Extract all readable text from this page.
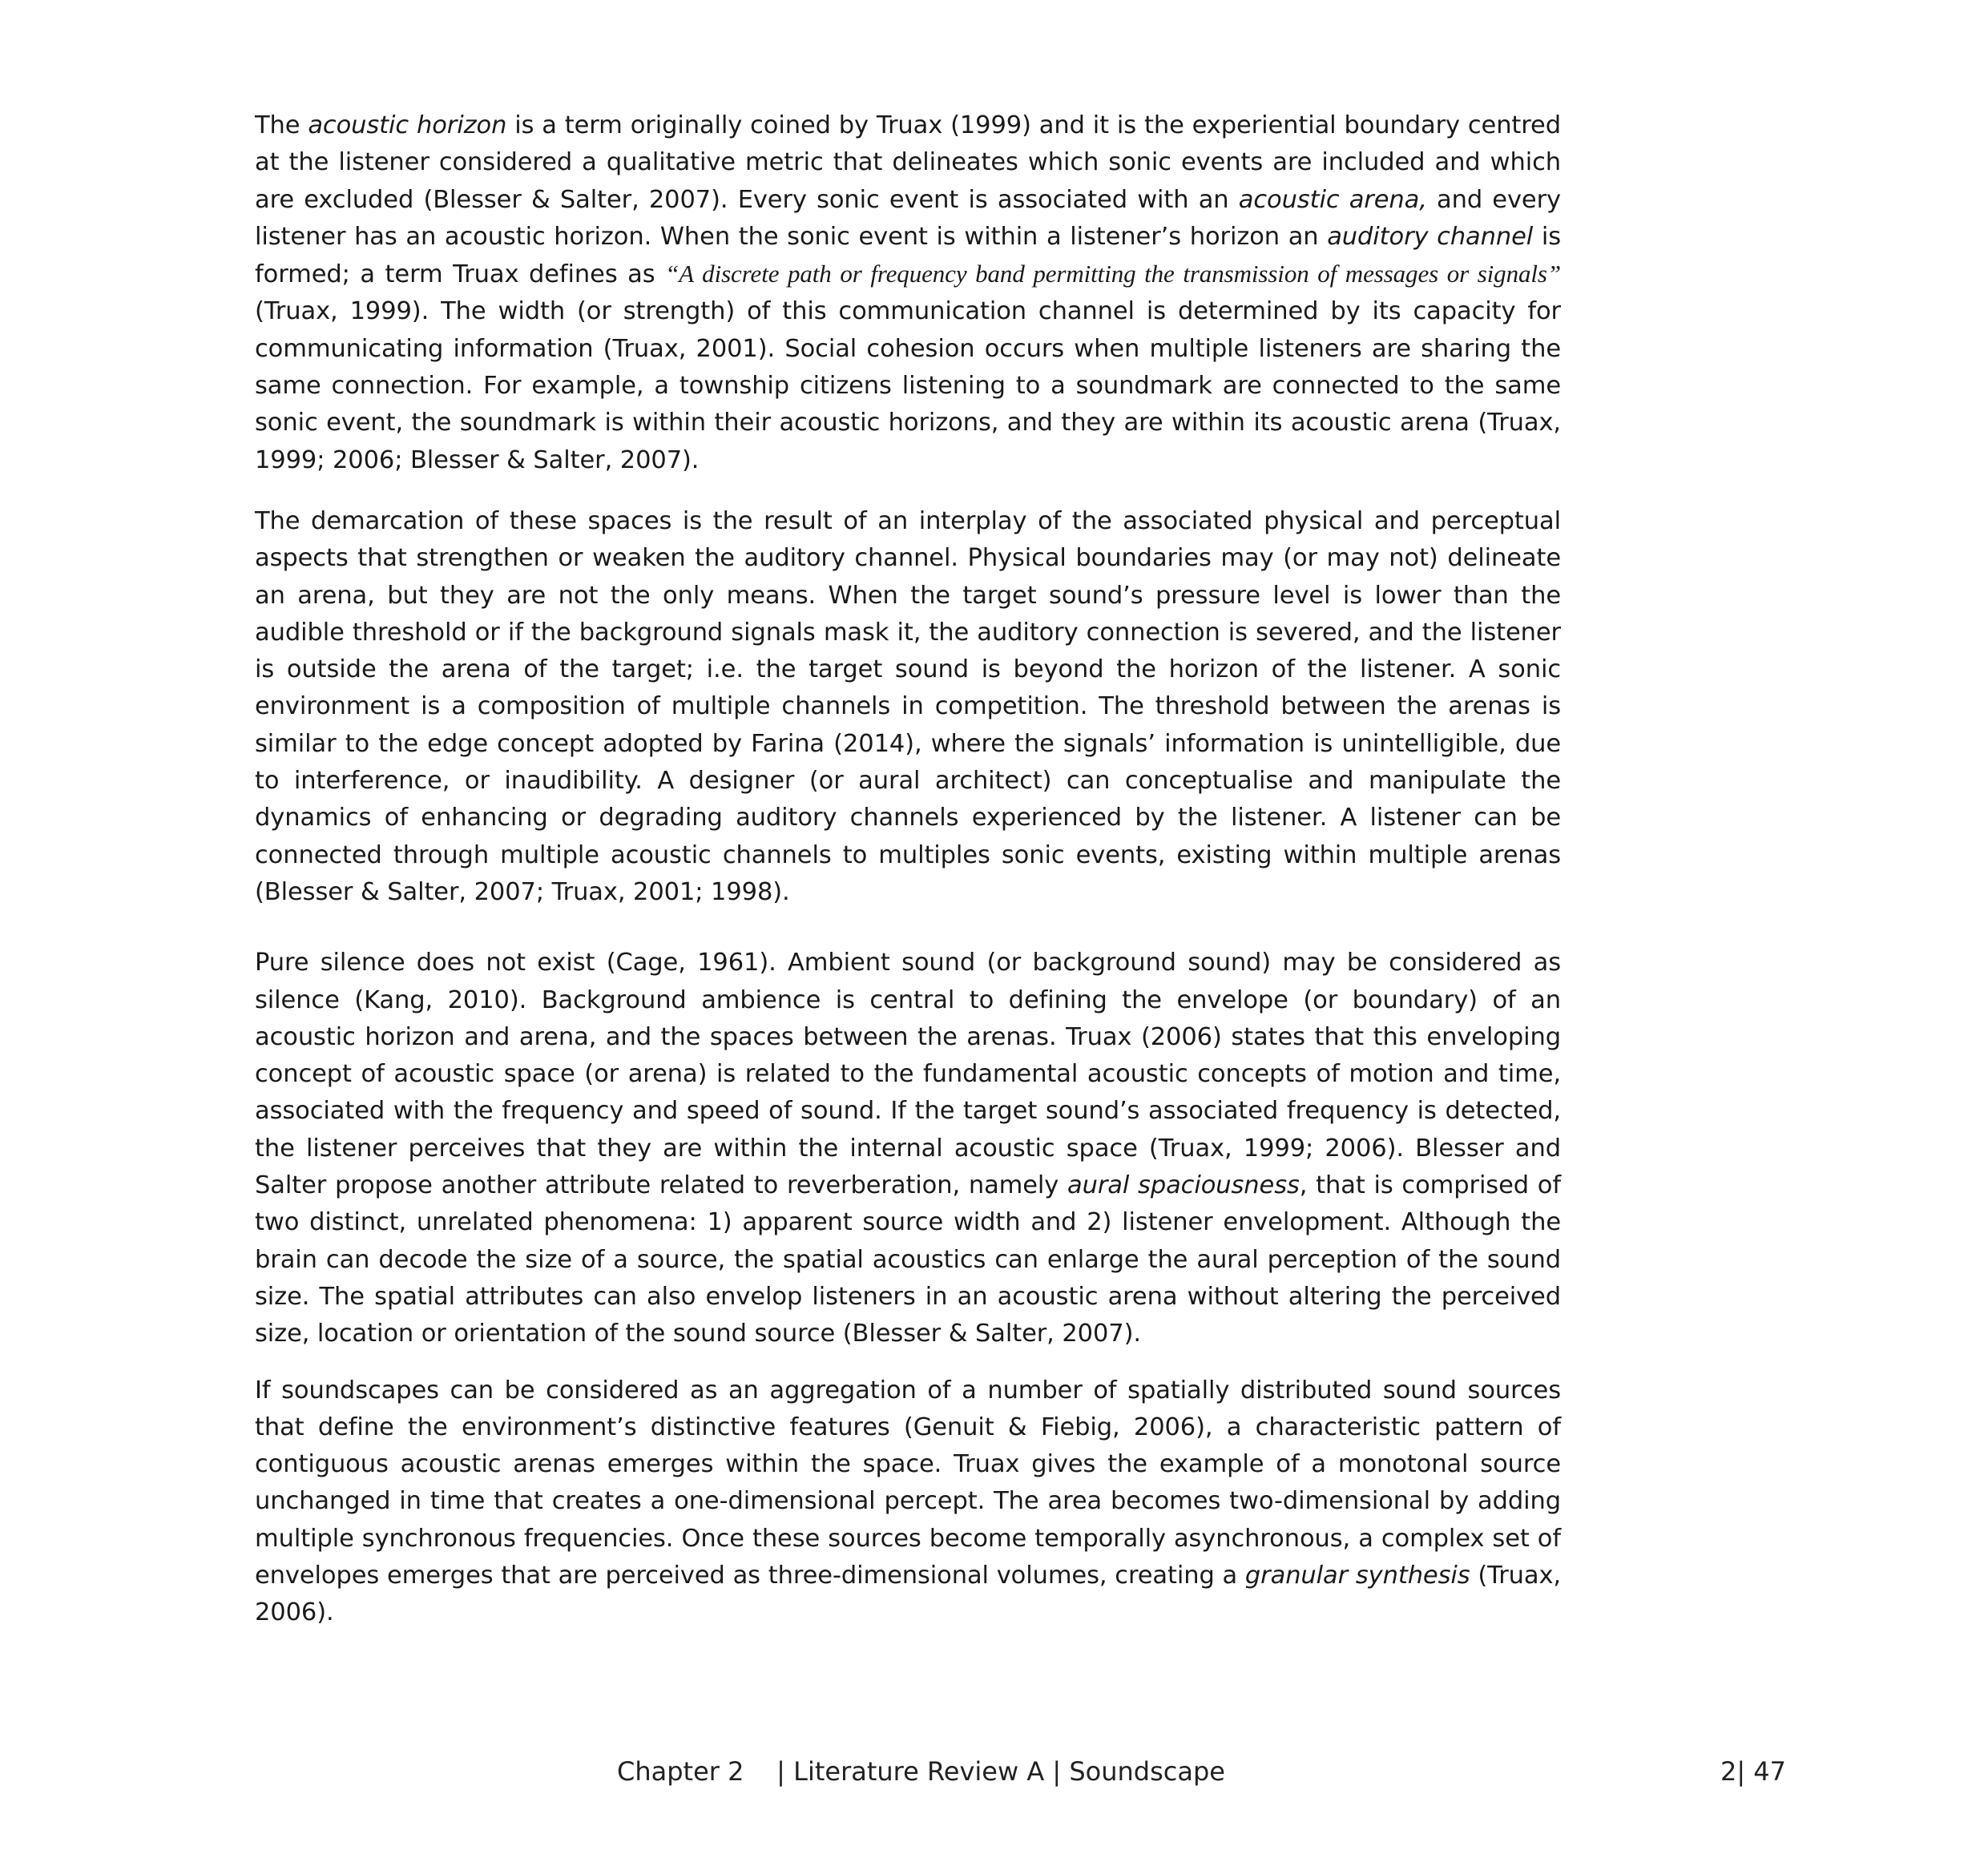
The acoustic horizon is a term originally coined by Truax (1999) and it is the experiential boundary centred at the listener considered a qualitative metric that delineates which sonic events are included and which are excluded (Blesser & Salter, 2007). Every sonic event is associated with an acoustic arena, and every listener has an acoustic horizon. When the sonic event is within a listener’s horizon an auditory channel is formed; a term Truax defines as “A discrete path or frequency band permitting the transmission of messages or signals” (Truax, 1999). The width (or strength) of this communication channel is determined by its capacity for communicating information (Truax, 2001). Social cohesion occurs when multiple listeners are sharing the same connection. For example, a township citizens listening to a soundmark are connected to the same sonic event, the soundmark is within their acoustic horizons, and they are within its acoustic arena (Truax, 1999; 2006; Blesser & Salter, 2007).

The demarcation of these spaces is the result of an interplay of the associated physical and perceptual aspects that strengthen or weaken the auditory channel. Physical boundaries may (or may not) delineate an arena, but they are not the only means. When the target sound’s pressure level is lower than the audible threshold or if the background signals mask it, the auditory connection is severed, and the listener is outside the arena of the target; i.e. the target sound is beyond the horizon of the listener. A sonic environment is a composition of multiple channels in competition. The threshold between the arenas is similar to the edge concept adopted by Farina (2014), where the signals’ information is unintelligible, due to interference, or inaudibility. A designer (or aural architect) can conceptualise and manipulate the dynamics of enhancing or degrading auditory channels experienced by the listener. A listener can be connected through multiple acoustic channels to multiples sonic events, existing within multiple arenas (Blesser & Salter, 2007; Truax, 2001; 1998).

Pure silence does not exist (Cage, 1961). Ambient sound (or background sound) may be considered as silence (Kang, 2010). Background ambience is central to defining the envelope (or boundary) of an acoustic horizon and arena, and the spaces between the arenas. Truax (2006) states that this enveloping concept of acoustic space (or arena) is related to the fundamental acoustic concepts of motion and time, associated with the frequency and speed of sound. If the target sound’s associated frequency is detected, the listener perceives that they are within the internal acoustic space (Truax, 1999; 2006). Blesser and Salter propose another attribute related to reverberation, namely aural spaciousness, that is comprised of two distinct, unrelated phenomena: 1) apparent source width and 2) listener envelopment. Although the brain can decode the size of a source, the spatial acoustics can enlarge the aural perception of the sound size. The spatial attributes can also envelop listeners in an acoustic arena without altering the perceived size, location or orientation of the sound source (Blesser & Salter, 2007).

If soundscapes can be considered as an aggregation of a number of spatially distributed sound sources that define the environment’s distinctive features (Genuit & Fiebig, 2006), a characteristic pattern of contiguous acoustic arenas emerges within the space. Truax gives the example of a monotonal source unchanged in time that creates a one-dimensional percept. The area becomes two-dimensional by adding multiple synchronous frequencies. Once these sources become temporally asynchronous, a complex set of envelopes emerges that are perceived as three-dimensional volumes, creating a granular synthesis (Truax, 2006).

Chapter 2    | Literature Review A | Soundscape	2| 47
